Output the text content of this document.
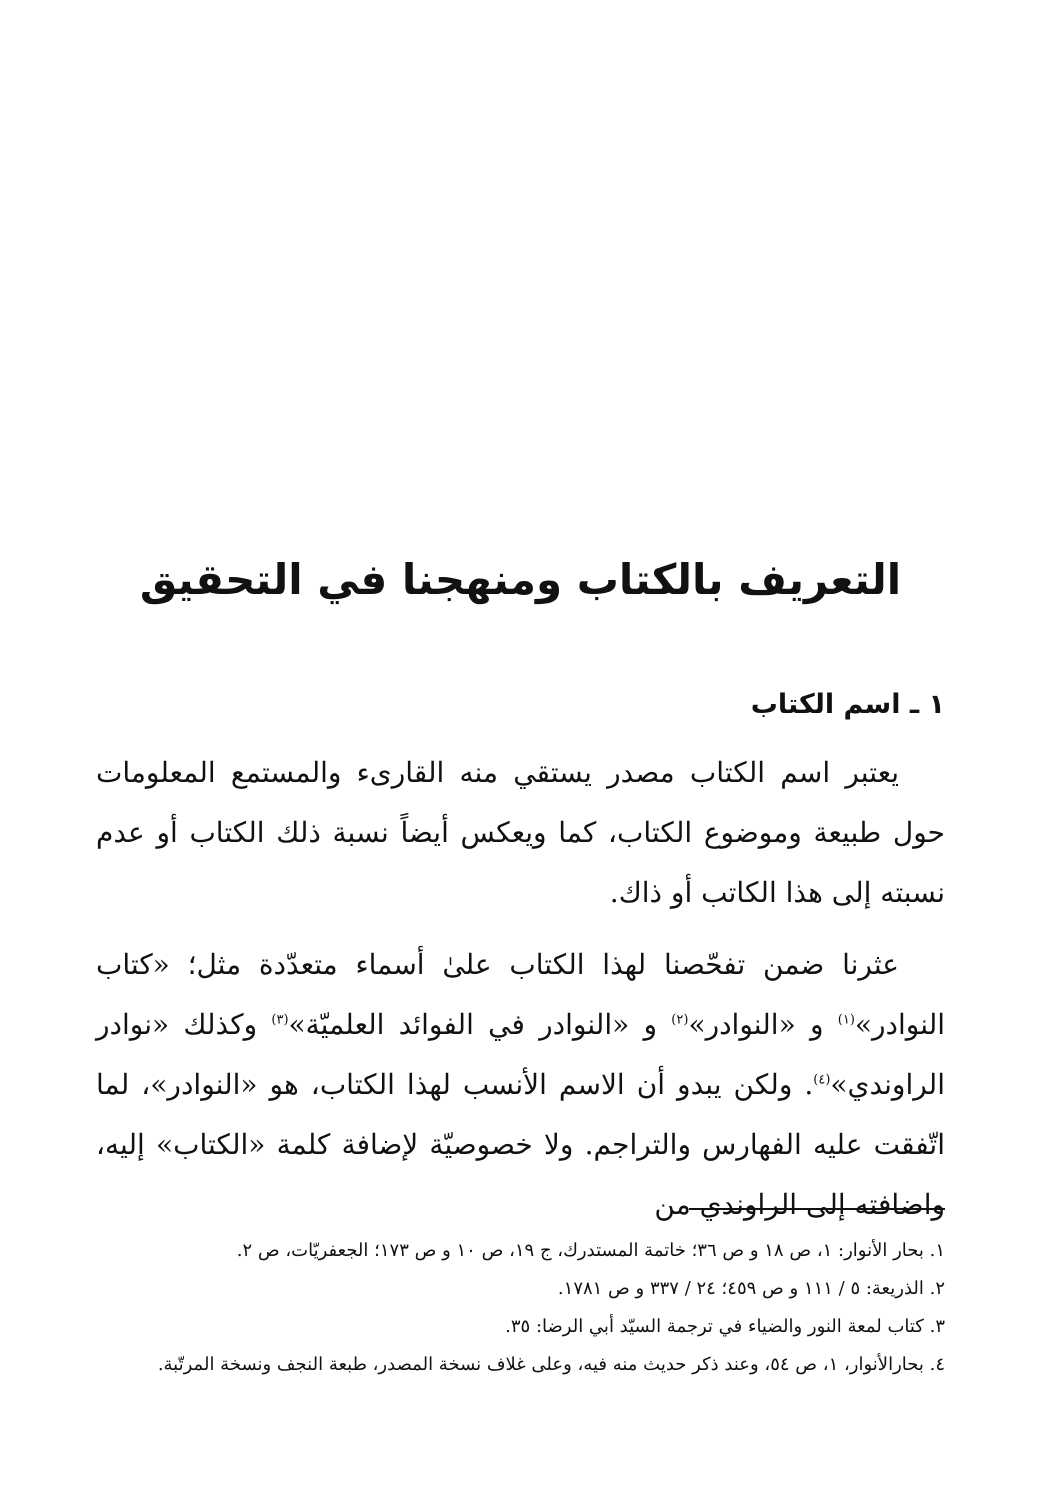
التعريف بالكتاب ومنهجنا في التحقيق
١ ـ اسم الكتاب

يعتبر اسم الكتاب مصدر يستقي منه القارىء والمستمع المعلومات حول طبيعة وموضوع الكتاب، كما ويعكس أيضاً نسبة ذلك الكتاب أو عدم نسبته إلى هذا الكاتب أو ذاك.

عثرنا ضمن تفحّصنا لهذا الكتاب علىٰ أسماء متعدّدة مثل؛ «كتاب النوادر»$^{(١)}$ و «النوادر»$^{(٢)}$ و «النوادر في الفوائد العلميّة»$^{(٣)}$ وكذلك «نوادر الراوندي»$^{(٤)}$. ولكن يبدو أن الاسم الأنسب لهذا الكتاب، هو «النوادر»، لما اتّفقت عليه الفهارس والتراجم. ولا خصوصيّة لإضافة كلمة «الكتاب» إليه، واضافته إلى الراوندي من

١. بحار الأنوار: ١، ص ١٨ و ص ٣٦؛ خاتمة المستدرك، ج ١٩، ص ١٠ و ص ١٧٣؛ الجعفريّات، ص ٢.
٢. الذريعة: ٥ / ١١١ و ص ٤٥٩؛ ٢٤ / ٣٣٧ و ص ١٧٨١.
٣. كتاب لمعة النور والضياء في ترجمة السيّد أبي الرضا: ٣٥.
٤. بحارالأنوار، ١، ص ٥٤، وعند ذكر حديث منه فيه، وعلى غلاف نسخة المصدر، طبعة النجف ونسخة المرتّبة.
